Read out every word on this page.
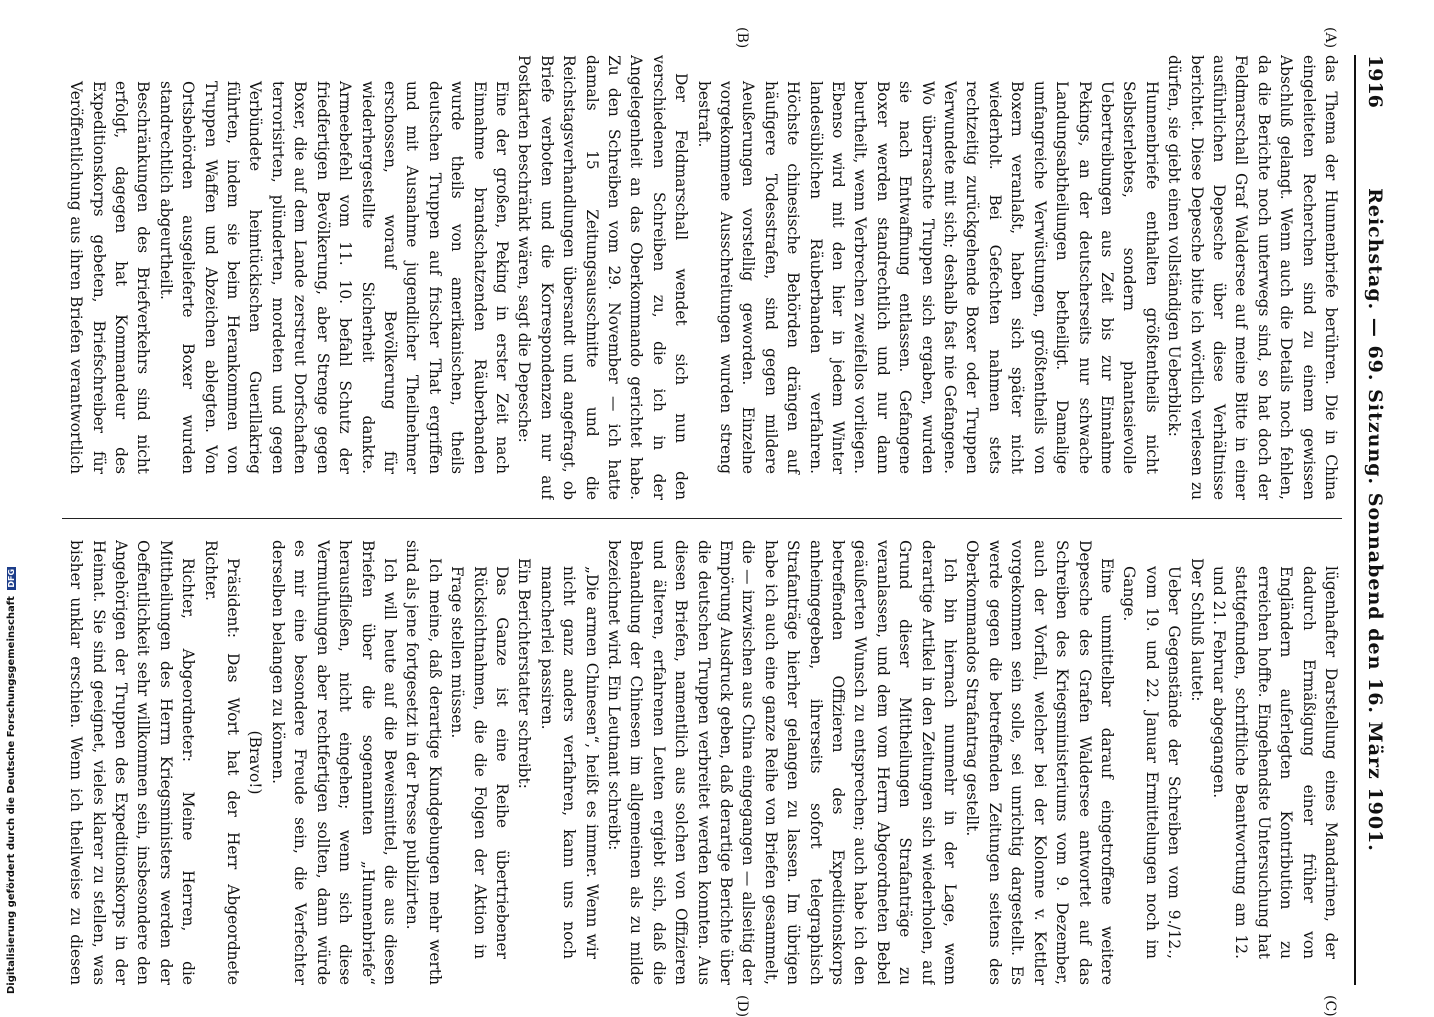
1916
Reichstag. — 69. Sitzung. Sonnabend den 16. März 1901.
(A)
(B)
(C)
(D)

das Thema der Hunnenbriefe berühren. Die in China eingeleiteten Recherchen sind zu einem gewissen Abschluß gelangt. Wenn auch die Details noch fehlen, da die Berichte noch unterwegs sind, so hat doch der Feldmarschall Graf Waldersee auf meine Bitte in einer ausführlichen Depesche über diese Verhältnisse berichtet. Diese Depesche bitte ich wörtlich verlesen zu dürfen, sie giebt einen vollständigen Ueberblick:

Hunnenbriefe enthalten größtentheils nicht Selbsterlebtes, sondern phantasievolle Uebertreibungen aus Zeit bis zur Einnahme Pekings, an der deutscherseits nur schwache Landungsabtheilungen betheiligt. Damalige umfangreiche Verwüstungen, größtentheils von Boxern veranlaßt, haben sich später nicht wiederholt. Bei Gefechten nahmen stets rechtzeitig zurückgehende Boxer oder Truppen Verwundete mit sich; deshalb fast nie Gefangene. Wo überraschte Truppen sich ergaben, wurden sie nach Entwaffnung entlassen. Gefangene Boxer werden standrechtlich und nur dann beurtheilt, wenn Verbrechen zweifellos vorliegen. Ebenso wird mit den hier in jedem Winter landesüblichen Räuberbanden verfahren. Höchste chinesische Behörden drängen auf häufigere Todesstrafen, sind gegen mildere Aeußerungen vorstellig geworden. Einzelne vorgekommene Ausschreitungen wurden streng bestraft.

Der Feldmarschall wendet sich nun den verschiedenen Schreiben zu, die ich in der Angelegenheit an das Oberkommando gerichtet habe. Zu den Schreiben vom 29. November — ich hatte damals 15 Zeitungsausschnitte und die Reichstagsverhandlungen übersandt und angefragt, ob Briefe verboten und die Korrespondenzen nur auf Postkarten beschränkt wären, sagt die Depesche:

Eine der großen, Peking in erster Zeit nach Einnahme brandschatzenden Räuberbanden wurde theils von amerikanischen, theils deutschen Truppen auf frischer That ergriffen und mit Ausnahme jugendlicher Theilnehmer erschossen, worauf Bevölkerung für wiederhergestellte Sicherheit dankte. Armeebefehl vom 11. 10. befahl Schutz der friedfertigen Bevölkerung, aber Strenge gegen Boxer, die auf dem Lande zerstreut Dorfschaften terrorisirten, plünderten, mordeten und gegen Verbündete heimtückischen Guerillakrieg führten, indem sie beim Herankommen von Truppen Waffen und Abzeichen ablegten. Von Ortsbehörden ausgelieferte Boxer wurden standrechtlich abgeurtheilt.

Beschränkungen des Briefverkehrs sind nicht erfolgt, dagegen hat Kommandeur des Expeditionskorps gebeten, Briefschreiber für Veröffentlichung aus ihren Briefen verantwortlich

lügenhafter Darstellung eines Mandarinen, der dadurch Ermäßigung einer früher von Engländern auferlegten Kontribution zu erreichen hoffte. Eingehendste Untersuchung hat stattgefunden, schriftliche Beantwortung am 12. und 21. Februar abgegangen.

Der Schluß lautet:

Ueber Gegenstände der Schreiben vom 9./12., vom 19. und 22. Januar Ermittelungen noch im Gange.

Eine unmittelbar darauf eingetroffene weitere Depesche des Grafen Waldersee antwortet auf das Schreiben des Kriegsministeriums vom 9. Dezember, auch der Vorfall, welcher bei der Kolonne v. Kettler vorgekommen sein solle, sei unrichtig dargestellt. Es werde gegen die betreffenden Zeitungen seitens des Oberkommandos Strafantrag gestellt.

Ich bin hiernach nunmehr in der Lage, wenn derartige Artikel in den Zeitungen sich wiederholen, auf Grund dieser Mittheilungen Strafanträge zu veranlassen, und dem vom Herrn Abgeordneten Bebel geäußerten Wunsch zu entsprechen; auch habe ich den betreffenden Offizieren des Expeditionskorps anheimgegeben, ihrerseits sofort telegraphisch Strafanträge hierher gelangen zu lassen. Im übrigen habe ich auch eine ganze Reihe von Briefen gesammelt, die — inzwischen aus China eingegangen — allseitig der Empörung Ausdruck geben, daß derartige Berichte über die deutschen Truppen verbreitet werden konnten. Aus diesen Briefen, namentlich aus solchen von Offizieren und älteren, erfahrenen Leuten ergiebt sich, daß die Behandlung der Chinesen im allgemeinen als zu milde bezeichnet wird. Ein Leutnant schreibt:

„Die armen Chinesen“, heißt es immer. Wenn wir nicht ganz anders verfahren, kann uns noch mancherlei passiren.

Ein Berichterstatter schreibt:

Das Ganze ist eine Reihe übertriebener Rücksichtnahmen, die die Folgen der Aktion in Frage stellen müssen.

Ich meine, daß derartige Kundgebungen mehr werth sind als jene fortgesetzt in der Presse publizirten.

Ich will heute auf die Beweismittel, die aus diesen Briefen über die sogenannten „Hunnenbriefe“ herausfließen, nicht eingehen; wenn sich diese Vermuthungen aber rechtfertigen sollten, dann würde es mir eine besondere Freude sein, die Verfechter derselben belangen zu können.

(Bravo!)

Präsident: Das Wort hat der Herr Abgeordnete Richter.

Richter, Abgeordneter: Meine Herren, die Mittheilungen des Herrn Kriegsministers werden der Oeffentlichkeit sehr willkommen sein, insbesondere den Angehörigen der Truppen des Expeditionskorps in der Heimat. Sie sind geeignet, vieles klarer zu stellen, was bisher unklar erschien. Wenn ich theilweise zu diesen

Digitalisierung gefördert durch die Deutsche Forschungsgemeinschaft DFG
